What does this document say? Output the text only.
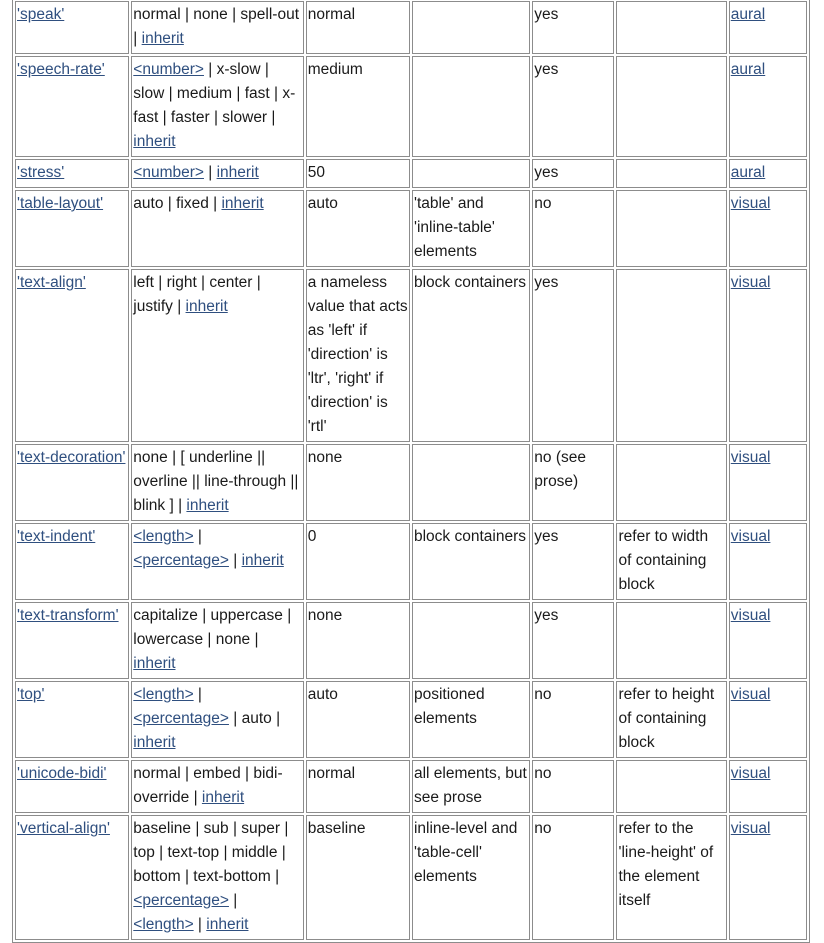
'speak'	normal | none | spell-out | inherit	normal		yes		aural
'speech-rate'	<number> | x-slow | slow | medium | fast | x-fast | faster | slower | inherit	medium		yes		aural
'stress'	<number> | inherit	50		yes		aural
'table-layout'	auto | fixed | inherit	auto	'table' and 'inline-table' elements	no		visual
'text-align'	left | right | center | justify | inherit	a nameless value that acts as 'left' if 'direction' is 'ltr', 'right' if 'direction' is 'rtl'	block containers	yes		visual
'text-decoration'	none | [ underline || overline || line-through || blink ] | inherit	none		no (see prose)		visual
'text-indent'	<length> | <percentage> | inherit	0	block containers	yes	refer to width of containing block	visual
'text-transform'	capitalize | uppercase | lowercase | none | inherit	none		yes		visual
'top'	<length> | <percentage> | auto | inherit	auto	positioned elements	no	refer to height of containing block	visual
'unicode-bidi'	normal | embed | bidi-override | inherit	normal	all elements, but see prose	no		visual
'vertical-align'	baseline | sub | super | top | text-top | middle | bottom | text-bottom | <percentage> | <length> | inherit	baseline	inline-level and 'table-cell' elements	no	refer to the 'line-height' of the element itself	visual
